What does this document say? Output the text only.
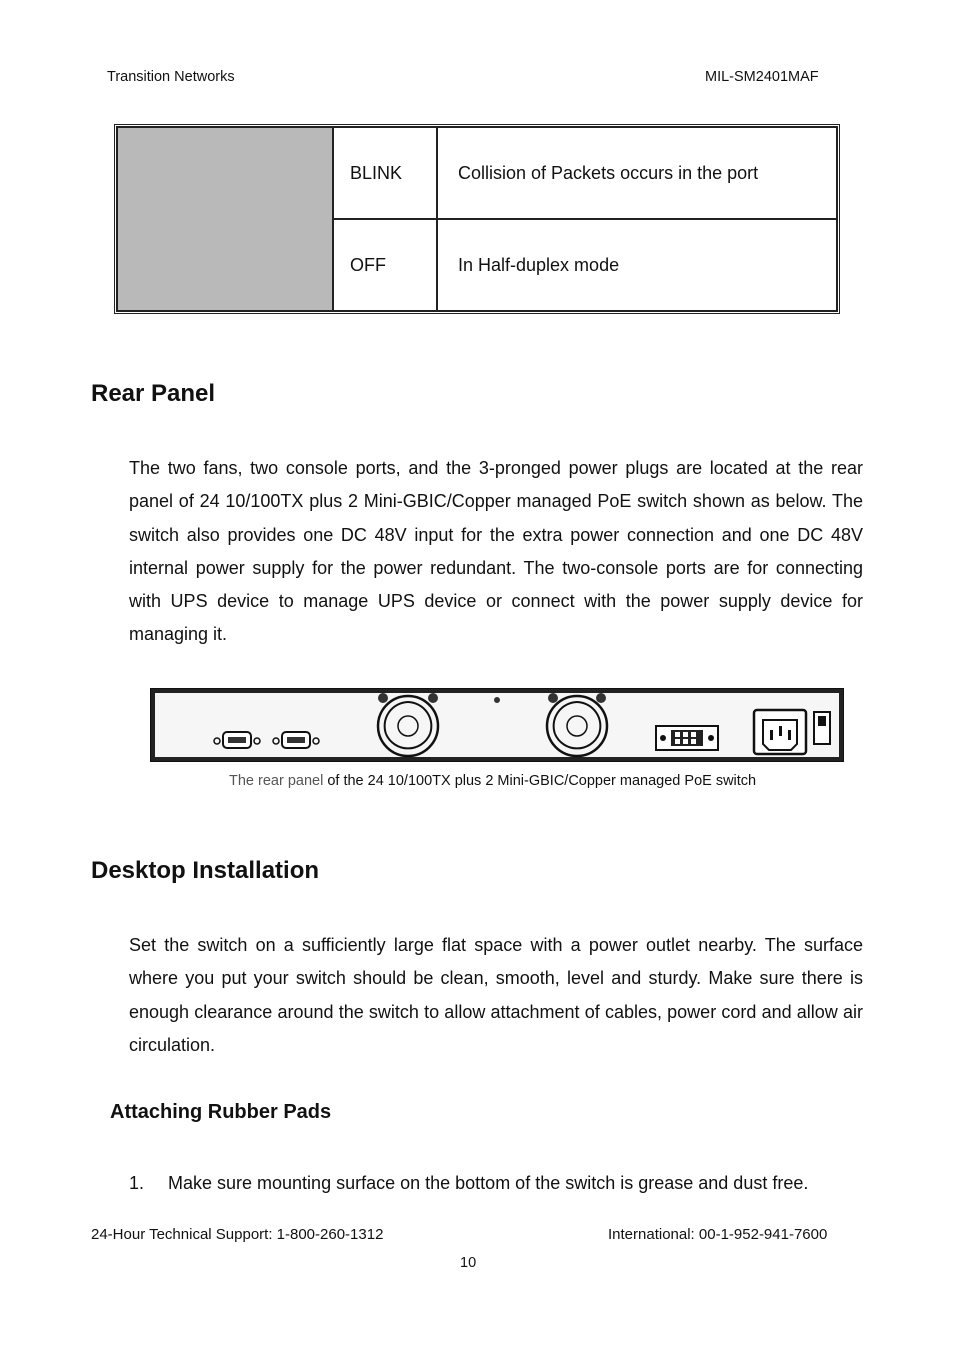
Transition Networks	MIL-SM2401MAF
	BLINK	Collision of Packets occurs in the port
	OFF	In Half-duplex mode
Rear Panel

The two fans, two console ports, and the 3-pronged power plugs are located at the rear panel of 24 10/100TX plus 2 Mini-GBIC/Copper managed PoE switch shown as below. The switch also provides one DC 48V input for the extra power connection and one DC 48V internal power supply for the power redundant. The two-console ports are for connecting with UPS device to manage UPS device or connect with the power supply device for managing it.

The rear panel of the 24 10/100TX plus 2 Mini-GBIC/Copper managed PoE switch
Desktop Installation

Set the switch on a sufficiently large flat space with a power outlet nearby. The surface where you put your switch should be clean, smooth, level and sturdy. Make sure there is enough clearance around the switch to allow attachment of cables, power cord and allow air circulation.

Attaching Rubber Pads
1. Make sure mounting surface on the bottom of the switch is grease and dust free.
24-Hour Technical Support: 1-800-260-1312	International: 00-1-952-941-7600
10
